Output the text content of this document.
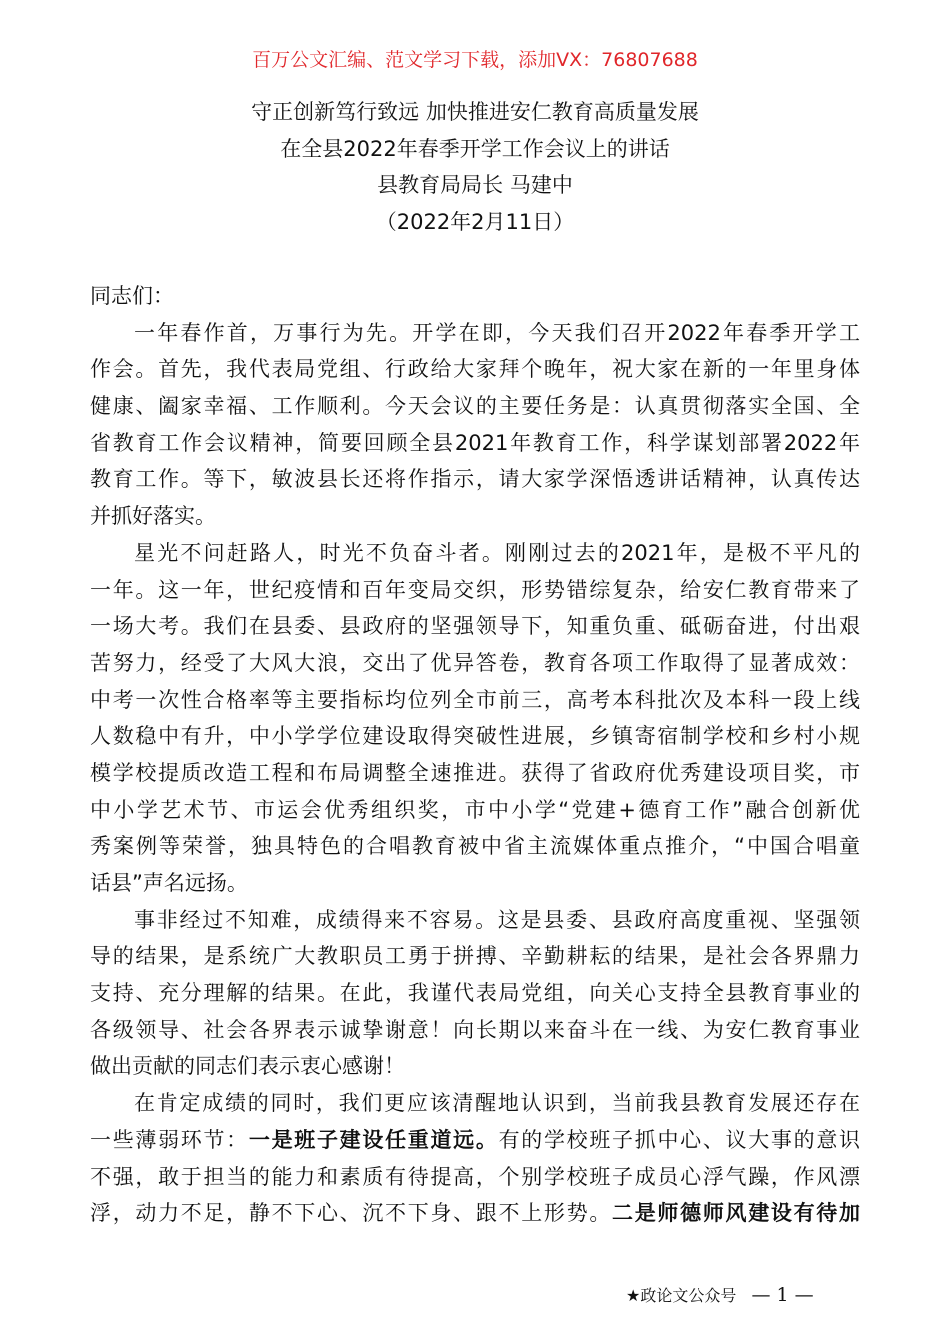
百万公文汇编、范文学习下载，添加VX：76807688
守正创新笃行致远 加快推进安仁教育高质量发展
在全县2022年春季开学工作会议上的讲话
县教育局局长 马建中
（2022年2月11日）
同志们：
一年春作首，万事行为先。开学在即，今天我们召开2022年春季开学工
作会。首先，我代表局党组、行政给大家拜个晚年，祝大家在新的一年里身体
健康、阖家幸福、工作顺利。今天会议的主要任务是：认真贯彻落实全国、全
省教育工作会议精神，简要回顾全县2021年教育工作，科学谋划部署2022年
教育工作。等下，敏波县长还将作指示，请大家学深悟透讲话精神，认真传达
并抓好落实。
星光不问赶路人，时光不负奋斗者。刚刚过去的2021年，是极不平凡的
一年。这一年，世纪疫情和百年变局交织，形势错综复杂，给安仁教育带来了
一场大考。我们在县委、县政府的坚强领导下，知重负重、砥砺奋进，付出艰
苦努力，经受了大风大浪，交出了优异答卷，教育各项工作取得了显著成效：
中考一次性合格率等主要指标均位列全市前三，高考本科批次及本科一段上线
人数稳中有升，中小学学位建设取得突破性进展，乡镇寄宿制学校和乡村小规
模学校提质改造工程和布局调整全速推进。获得了省政府优秀建设项目奖，市
中小学艺术节、市运会优秀组织奖，市中小学“党建+德育工作”融合创新优
秀案例等荣誉，独具特色的合唱教育被中省主流媒体重点推介，“中国合唱童
话县”声名远扬。
事非经过不知难，成绩得来不容易。这是县委、县政府高度重视、坚强领
导的结果，是系统广大教职员工勇于拼搏、辛勤耕耘的结果，是社会各界鼎力
支持、充分理解的结果。在此，我谨代表局党组，向关心支持全县教育事业的
各级领导、社会各界表示诚挚谢意！向长期以来奋斗在一线、为安仁教育事业
做出贡献的同志们表示衷心感谢！
在肯定成绩的同时，我们更应该清醒地认识到，当前我县教育发展还存在
一些薄弱环节：一是班子建设任重道远。有的学校班子抓中心、议大事的意识
不强，敢于担当的能力和素质有待提高，个别学校班子成员心浮气躁，作风漂
浮，动力不足，静不下心、沉不下身、跟不上形势。二是师德师风建设有待加
★政论文公众号 — 1 —
